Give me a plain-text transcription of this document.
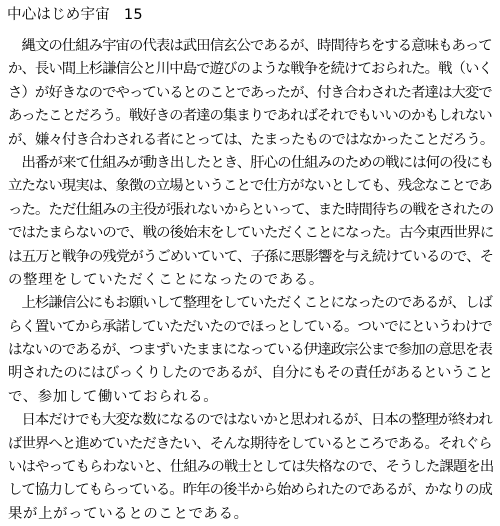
中心はじめ宇宙 15
　縄文の仕組み宇宙の代表は武田信玄公であるが、時間待ちをする意味もあって
か、長い間上杉謙信公と川中島で遊びのような戦争を続けておられた。戦（いく
さ）が好きなのでやっているとのことであったが、付き合わされた者達は大変で
あったことだろう。戦好きの者達の集まりであればそれでもいいのかもしれない
が、嫌々付き合わされる者にとっては、たまったものではなかったことだろう。
　出番が来て仕組みが動き出したとき、肝心の仕組みのための戦には何の役にも
立たない現実は、象徴の立場ということで仕方がないとしても、残念なことであ
った。ただ仕組みの主役が張れないからといって、また時間待ちの戦をされたの
ではたまらないので、戦の後始末をしていただくことになった。古今東西世界に
は五万と戦争の残党がうごめいていて、子孫に悪影響を与え続けているので、そ
の整理をしていただくことになったのである。
　上杉謙信公にもお願いして整理をしていただくことになったのであるが、しば
らく置いてから承諾していただいたのでほっとしている。ついでにというわけで
はないのであるが、つまずいたままになっている伊達政宗公まで参加の意思を表
明されたのにはびっくりしたのであるが、自分にもその責任があるということ
で、参加して働いておられる。
　日本だけでも大変な数になるのではないかと思われるが、日本の整理が終われ
ば世界へと進めていただきたい、そんな期待をしているところである。それぐら
いはやってもらわないと、仕組みの戦士としては失格なので、そうした課題を出
して協力してもらっている。昨年の後半から始められたのであるが、かなりの成
果が上がっているとのことである。
